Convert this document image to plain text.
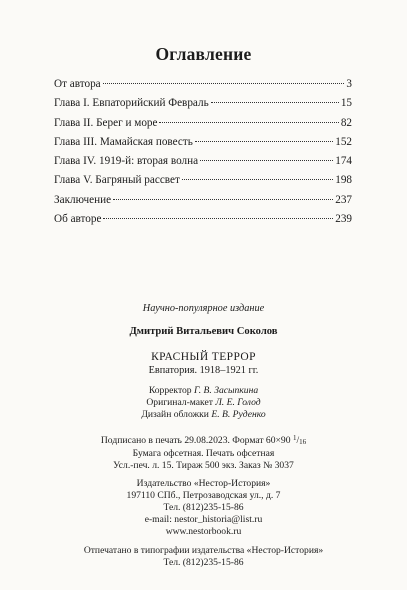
Оглавление
От автора	3
Глава I. Евпаторийский Февраль	15
Глава II. Берег и море	82
Глава III. Мамайская повесть	152
Глава IV. 1919-й: вторая волна	174
Глава V. Багряный рассвет	198
Заключение	237
Об авторе	239
Научно-популярное издание
Дмитрий Витальевич Соколов
КРАСНЫЙ ТЕРРОР
Евпатория. 1918–1921 гг.
Корректор Г. В. Засыпкина
Оригинал-макет Л. Е. Голод
Дизайн обложки Е. В. Руденко
Подписано в печать 29.08.2023. Формат 60×90 $^1$/16
Бумага офсетная. Печать офсетная
Усл.-печ. л. 15. Тираж 500 экз. Заказ № 3037
Издательство «Нестор-История»
197110 СПб., Петрозаводская ул., д. 7
Тел. (812)235-15-86
e-mail: nestor_historia@list.ru
www.nestorbook.ru
Отпечатано в типографии издательства «Нестор-История»
Тел. (812)235-15-86
